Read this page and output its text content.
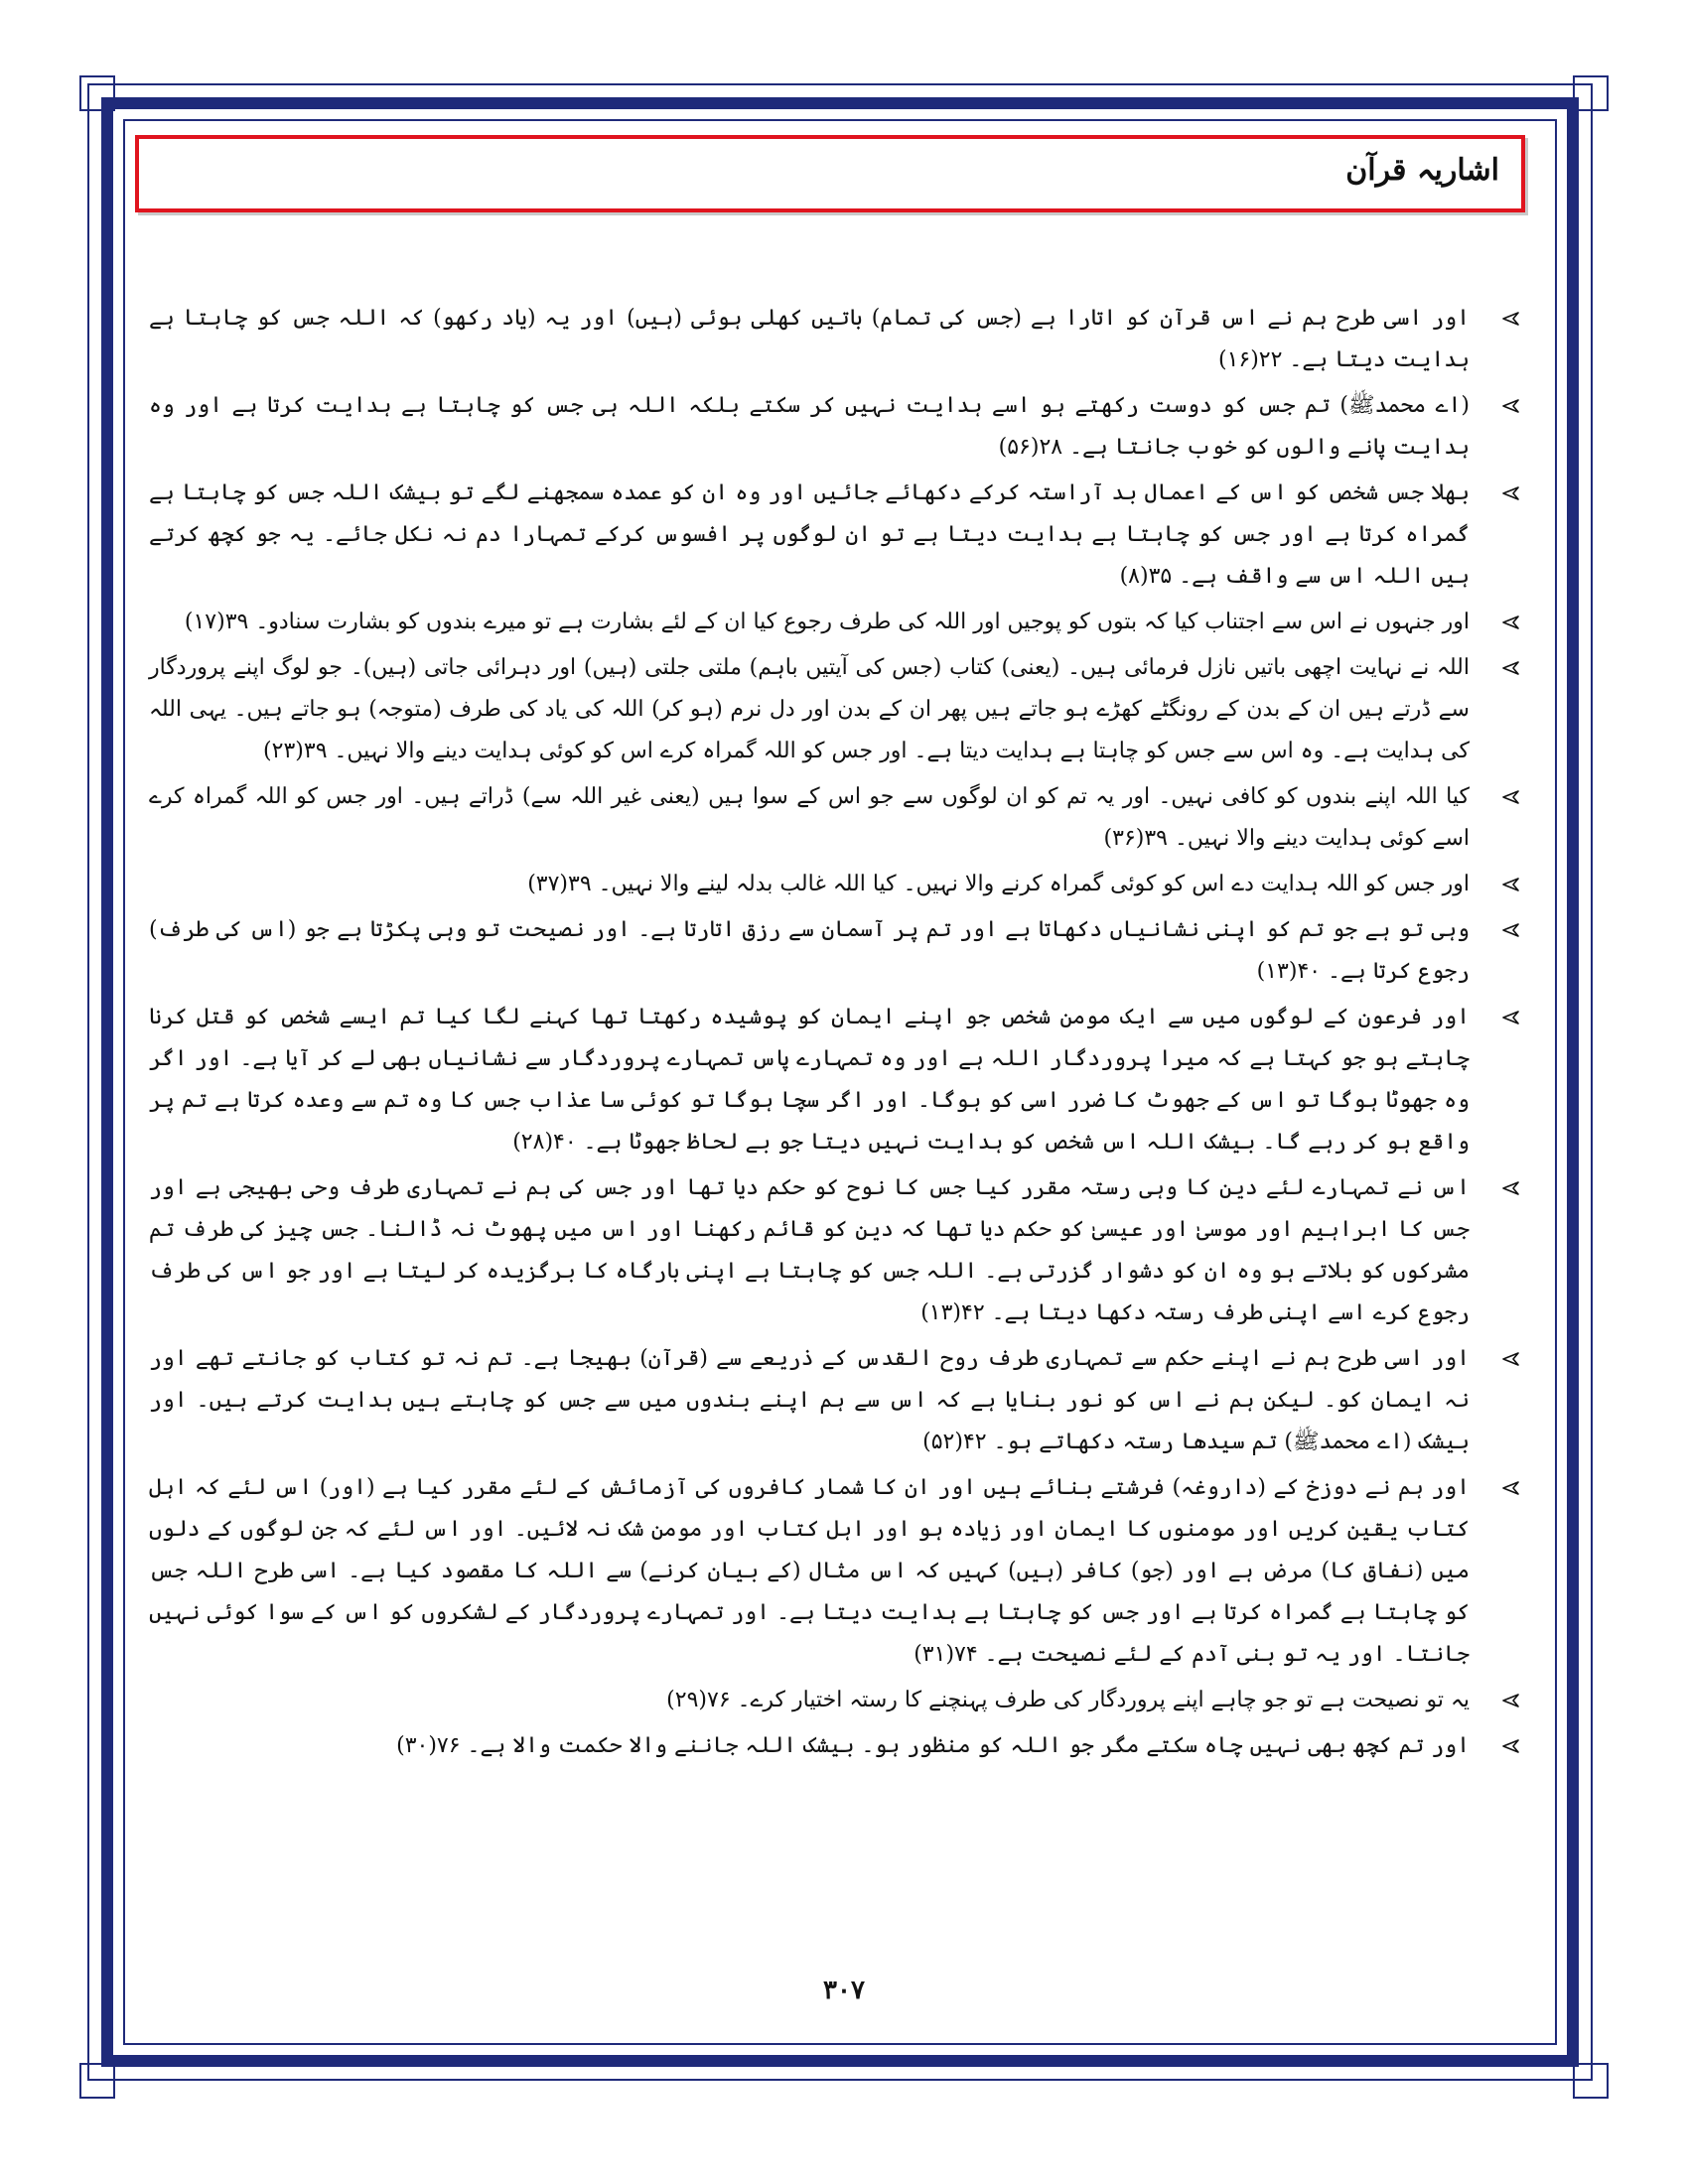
اشاریہ قرآن
اور اسی طرح ہم نے اس قرآن کو اتارا ہے (جس کی تمام) باتیں کھلی ہوئی (ہیں) اور یہ (یاد رکھو) کہ اللہ جس کو چاہتا ہے ہدایت دیتا ہے۔ ۲۲(۱۶)
(اے محمدﷺ) تم جس کو دوست رکھتے ہو اسے ہدایت نہیں کر سکتے بلکہ اللہ ہی جس کو چاہتا ہے ہدایت کرتا ہے اور وہ ہدایت پانے والوں کو خوب جانتا ہے۔ ۲۸(۵۶)
بھلا جس شخص کو اس کے اعمال بد آراستہ کرکے دکھائے جائیں اور وہ ان کو عمدہ سمجھنے لگے تو بیشک اللہ جس کو چاہتا ہے گمراہ کرتا ہے اور جس کو چاہتا ہے ہدایت دیتا ہے تو ان لوگوں پر افسوس کرکے تمہارا دم نہ نکل جائے۔ یہ جو کچھ کرتے ہیں اللہ اس سے واقف ہے۔ ۳۵(۸)
اور جنہوں نے اس سے اجتناب کیا کہ بتوں کو پوجیں اور اللہ کی طرف رجوع کیا ان کے لئے بشارت ہے تو میرے بندوں کو بشارت سنادو۔ ۳۹(۱۷)
اللہ نے نہایت اچھی باتیں نازل فرمائی ہیں۔ (یعنی) کتاب (جس کی آیتیں باہم) ملتی جلتی (ہیں) اور دہرائی جاتی (ہیں)۔ جو لوگ اپنے پروردگار سے ڈرتے ہیں ان کے بدن کے رونگٹے کھڑے ہو جاتے ہیں پھر ان کے بدن اور دل نرم (ہو کر) اللہ کی یاد کی طرف (متوجہ) ہو جاتے ہیں۔ یہی اللہ کی ہدایت ہے۔ وہ اس سے جس کو چاہتا ہے ہدایت دیتا ہے۔ اور جس کو اللہ گمراہ کرے اس کو کوئی ہدایت دینے والا نہیں۔ ۳۹(۲۳)
کیا اللہ اپنے بندوں کو کافی نہیں۔ اور یہ تم کو ان لوگوں سے جو اس کے سوا ہیں (یعنی غیر اللہ سے) ڈراتے ہیں۔ اور جس کو اللہ گمراہ کرے اسے کوئی ہدایت دینے والا نہیں۔ ۳۹(۳۶)
اور جس کو اللہ ہدایت دے اس کو کوئی گمراہ کرنے والا نہیں۔ کیا اللہ غالب بدلہ لینے والا نہیں۔ ۳۹(۳۷)
وہی تو ہے جو تم کو اپنی نشانیاں دکھاتا ہے اور تم پر آسمان سے رزق اتارتا ہے۔ اور نصیحت تو وہی پکڑتا ہے جو (اس کی طرف) رجوع کرتا ہے۔ ۴۰(۱۳)
اور فرعون کے لوگوں میں سے ایک مومن شخص جو اپنے ایمان کو پوشیدہ رکھتا تھا کہنے لگا کیا تم ایسے شخص کو قتل کرنا چاہتے ہو جو کہتا ہے کہ میرا پروردگار اللہ ہے اور وہ تمہارے پاس تمہارے پروردگار سے نشانیاں بھی لے کر آیا ہے۔ اور اگر وہ جھوٹا ہوگا تو اس کے جھوٹ کا ضرر اسی کو ہوگا۔ اور اگر سچا ہوگا تو کوئی سا عذاب جس کا وہ تم سے وعدہ کرتا ہے تم پر واقع ہو کر رہے گا۔ بیشک اللہ اس شخص کو ہدایت نہیں دیتا جو بے لحاظ جھوٹا ہے۔ ۴۰(۲۸)
اس نے تمہارے لئے دین کا وہی رستہ مقرر کیا جس کا نوح کو حکم دیا تھا اور جس کی ہم نے تمہاری طرف وحی بھیجی ہے اور جس کا ابراہیم اور موسیٰ اور عیسیٰ کو حکم دیا تھا کہ دین کو قائم رکھنا اور اس میں پھوٹ نہ ڈالنا۔ جس چیز کی طرف تم مشرکوں کو بلاتے ہو وہ ان کو دشوار گزرتی ہے۔ اللہ جس کو چاہتا ہے اپنی بارگاہ کا برگزیدہ کر لیتا ہے اور جو اس کی طرف رجوع کرے اسے اپنی طرف رستہ دکھا دیتا ہے۔ ۴۲(۱۳)
اور اسی طرح ہم نے اپنے حکم سے تمہاری طرف روح القدس کے ذریعے سے (قرآن) بھیجا ہے۔ تم نہ تو کتاب کو جانتے تھے اور نہ ایمان کو۔ لیکن ہم نے اس کو نور بنایا ہے کہ اس سے ہم اپنے بندوں میں سے جس کو چاہتے ہیں ہدایت کرتے ہیں۔ اور بیشک (اے محمدﷺ) تم سیدھا رستہ دکھاتے ہو۔ ۴۲(۵۲)
اور ہم نے دوزخ کے (داروغہ) فرشتے بنائے ہیں اور ان کا شمار کافروں کی آزمائش کے لئے مقرر کیا ہے (اور) اس لئے کہ اہل کتاب یقین کریں اور مومنوں کا ایمان اور زیادہ ہو اور اہل کتاب اور مومن شک نہ لائیں۔ اور اس لئے کہ جن لوگوں کے دلوں میں (نفاق کا) مرض ہے اور (جو) کافر (ہیں) کہیں کہ اس مثال (کے بیان کرنے) سے اللہ کا مقصود کیا ہے۔ اسی طرح اللہ جس کو چاہتا ہے گمراہ کرتا ہے اور جس کو چاہتا ہے ہدایت دیتا ہے۔ اور تمہارے پروردگار کے لشکروں کو اس کے سوا کوئی نہیں جانتا۔ اور یہ تو بنی آدم کے لئے نصیحت ہے۔ ۷۴(۳۱)
یہ تو نصیحت ہے تو جو چاہے اپنے پروردگار کی طرف پہنچنے کا رستہ اختیار کرے۔ ۷۶(۲۹)
اور تم کچھ بھی نہیں چاہ سکتے مگر جو اللہ کو منظور ہو۔ بیشک اللہ جاننے والا حکمت والا ہے۔ ۷۶(۳۰)
۳۰۷
